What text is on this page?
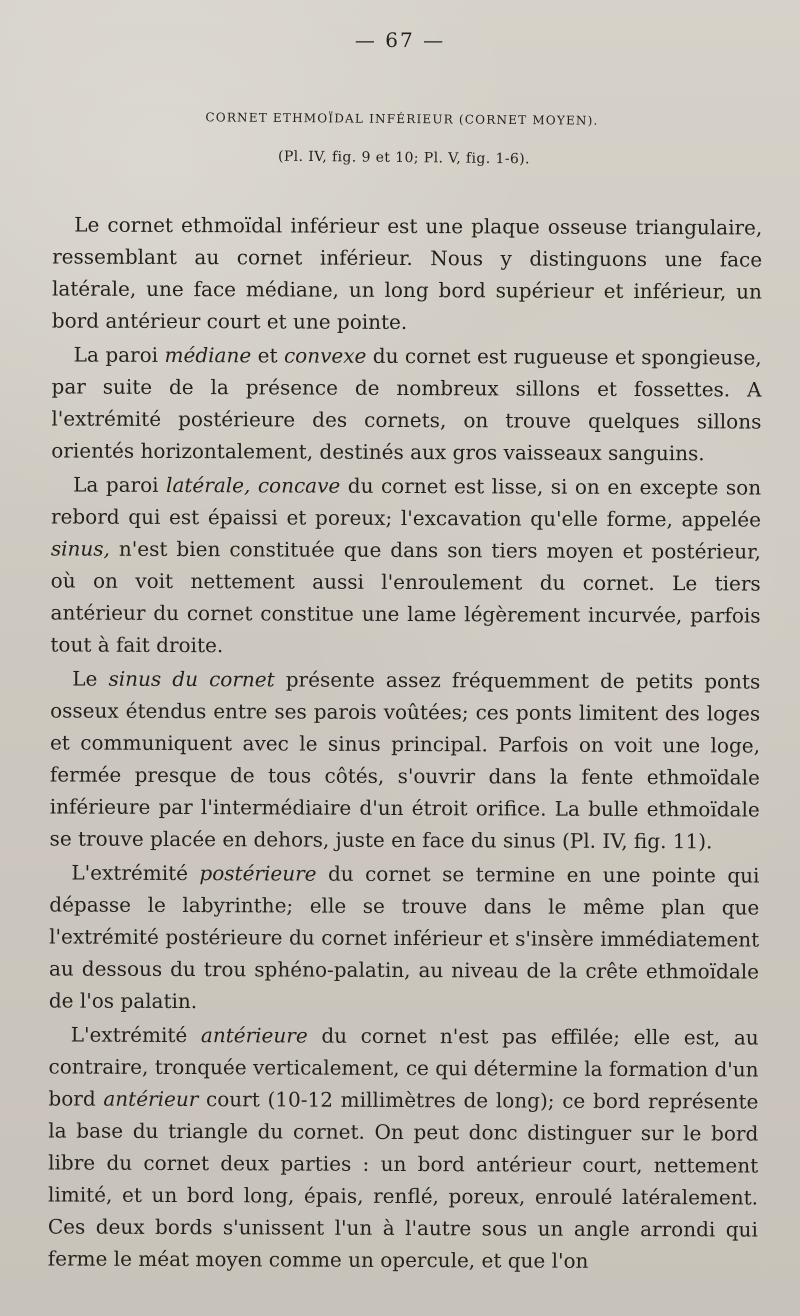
— 67 —
CORNET ETHMOÏDAL INFÉRIEUR (CORNET MOYEN).
(Pl. IV, fig. 9 et 10; Pl. V, fig. 1-6).

Le cornet ethmoïdal inférieur est une plaque osseuse triangulaire, ressemblant au cornet inférieur. Nous y distinguons une face latérale, une face médiane, un long bord supérieur et inférieur, un bord antérieur court et une pointe.

La paroi médiane et convexe du cornet est rugueuse et spongieuse, par suite de la présence de nombreux sillons et fossettes. A l'extrémité postérieure des cornets, on trouve quelques sillons orientés horizontalement, destinés aux gros vaisseaux sanguins.

La paroi latérale, concave du cornet est lisse, si on en excepte son rebord qui est épaissi et poreux; l'excavation qu'elle forme, appelée sinus, n'est bien constituée que dans son tiers moyen et postérieur, où on voit nettement aussi l'enroulement du cornet. Le tiers antérieur du cornet constitue une lame légèrement incurvée, parfois tout à fait droite.

Le sinus du cornet présente assez fréquemment de petits ponts osseux étendus entre ses parois voûtées; ces ponts limitent des loges et communiquent avec le sinus principal. Parfois on voit une loge, fermée presque de tous côtés, s'ouvrir dans la fente ethmoïdale inférieure par l'intermédiaire d'un étroit orifice. La bulle ethmoïdale se trouve placée en dehors, juste en face du sinus (Pl. IV, fig. 11).

L'extrémité postérieure du cornet se termine en une pointe qui dépasse le labyrinthe; elle se trouve dans le même plan que l'extrémité postérieure du cornet inférieur et s'insère immédiatement au dessous du trou sphéno-palatin, au niveau de la crête ethmoïdale de l'os palatin.

L'extrémité antérieure du cornet n'est pas effilée; elle est, au contraire, tronquée verticalement, ce qui détermine la formation d'un bord antérieur court (10-12 millimètres de long); ce bord représente la base du triangle du cornet. On peut donc distinguer sur le bord libre du cornet deux parties : un bord antérieur court, nettement limité, et un bord long, épais, renflé, poreux, enroulé latéralement. Ces deux bords s'unissent l'un à l'autre sous un angle arrondi qui ferme le méat moyen comme un opercule, et que l'on
